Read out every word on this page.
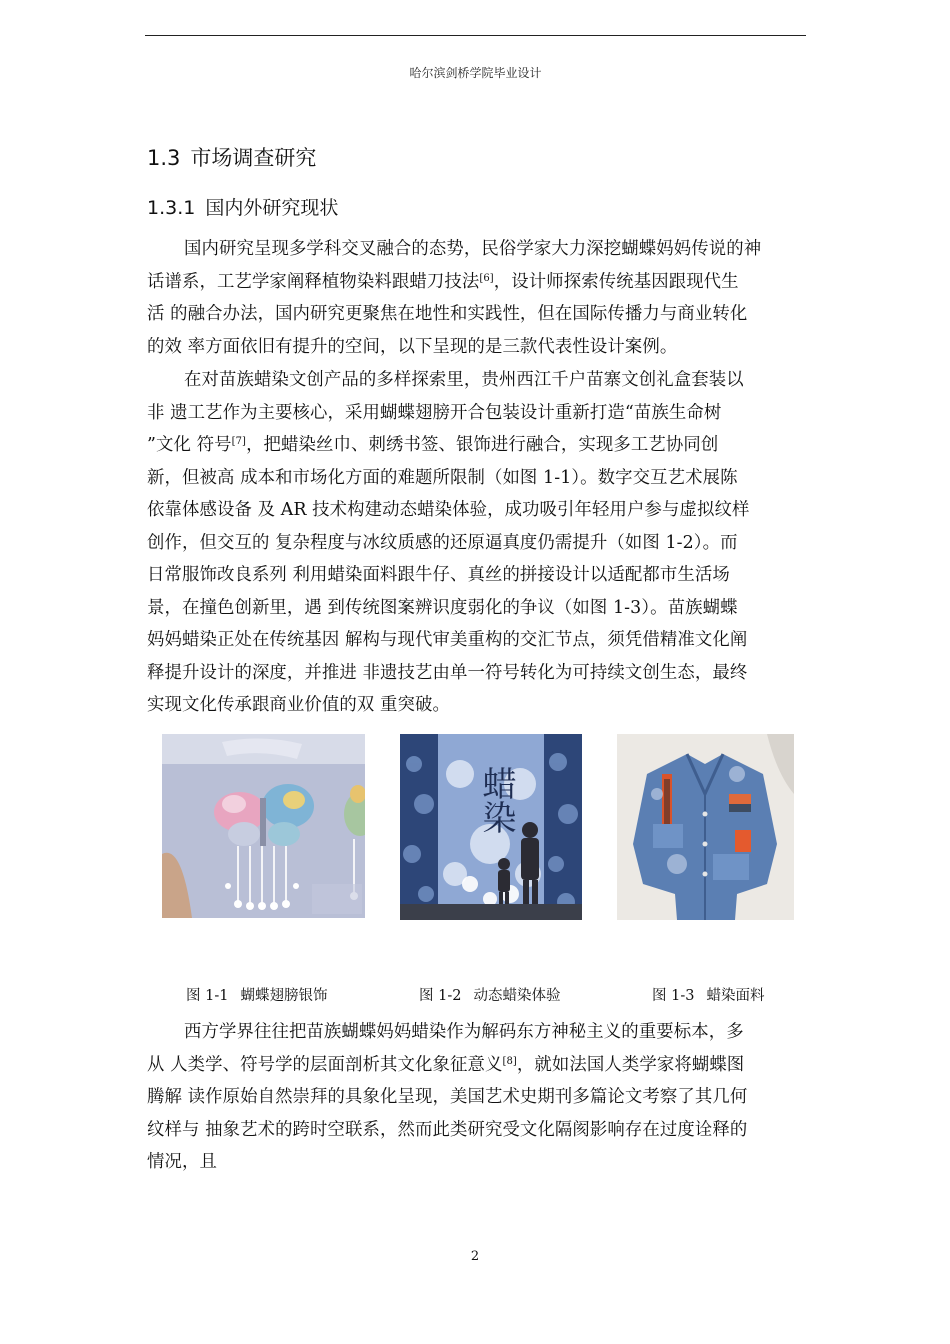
哈尔滨剑桥学院毕业设计
1.3 市场调查研究
1.3.1 国内外研究现状

国内研究呈现多学科交叉融合的态势，民俗学家大力深挖蝴蝶妈妈传说的神
话谱系，工艺学家阐释植物染料跟蜡刀技法[6]，设计师探索传统基因跟现代生
活 的融合办法，国内研究更聚焦在地性和实践性，但在国际传播力与商业转化
的效 率方面依旧有提升的空间，以下呈现的是三款代表性设计案例。

在对苗族蜡染文创产品的多样探索里，贵州西江千户苗寨文创礼盒套装以
非 遗工艺作为主要核心，采用蝴蝶翅膀开合包装设计重新打造“苗族生命树
”文化 符号[7]，把蜡染丝巾、刺绣书签、银饰进行融合，实现多工艺协同创
新，但被高 成本和市场化方面的难题所限制（如图 1-1）。数字交互艺术展陈
依靠体感设备 及 AR 技术构建动态蜡染体验，成功吸引年轻用户参与虚拟纹样
创作，但交互的 复杂程度与冰纹质感的还原逼真度仍需提升（如图 1-2）。而
日常服饰改良系列 利用蜡染面料跟牛仔、真丝的拼接设计以适配都市生活场
景，在撞色创新里，遇 到传统图案辨识度弱化的争议（如图 1-3）。苗族蝴蝶
妈妈蜡染正处在传统基因 解构与现代审美重构的交汇节点，须凭借精准文化阐
释提升设计的深度，并推进 非遗技艺由单一符号转化为可持续文创生态，最终
实现文化传承跟商业价值的双 重突破。

蜡染
图 1-1 蝴蝶翅膀银饰	图 1-2 动态蜡染体验	图 1-3 蜡染面料

西方学界往往把苗族蝴蝶妈妈蜡染作为解码东方神秘主义的重要标本，多
从 人类学、符号学的层面剖析其文化象征意义[8]，就如法国人类学家将蝴蝶图
腾解 读作原始自然崇拜的具象化呈现，美国艺术史期刊多篇论文考察了其几何
纹样与 抽象艺术的跨时空联系，然而此类研究受文化隔阂影响存在过度诠释的
情况，且

2
